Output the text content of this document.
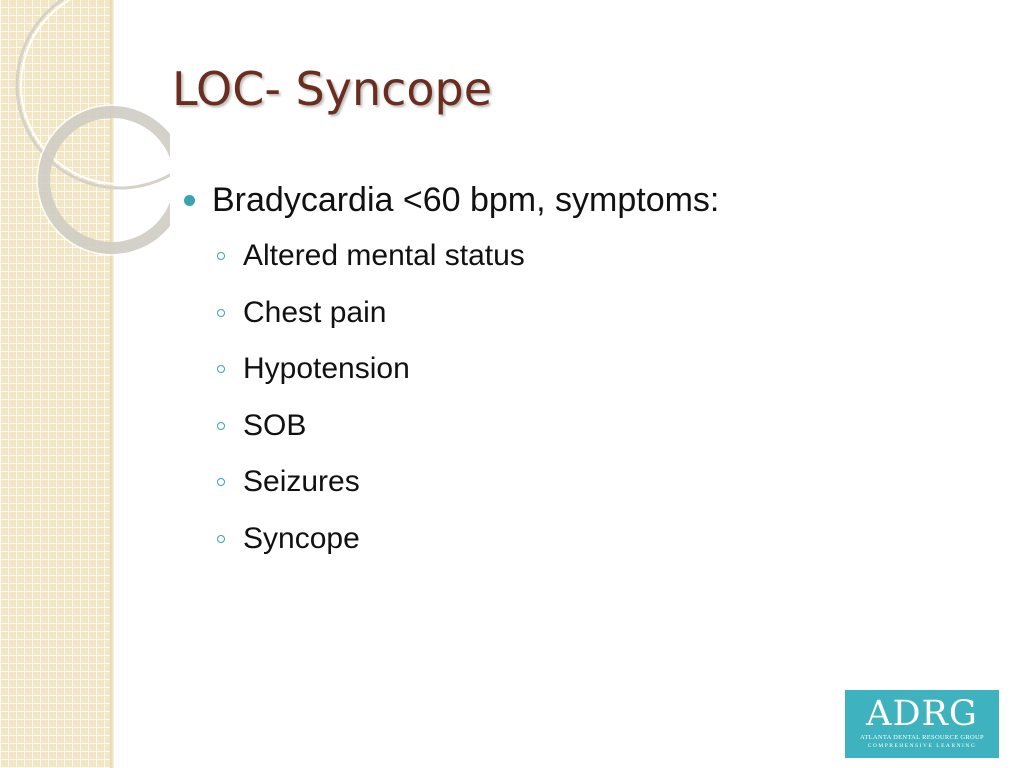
LOC- Syncope
Bradycardia <60 bpm, symptoms:
Altered mental status
Chest pain
Hypotension
SOB
Seizures
Syncope
ADRG
ATLANTA DENTAL RESOURCE GROUP
COMPREHENSIVE LEARNING
